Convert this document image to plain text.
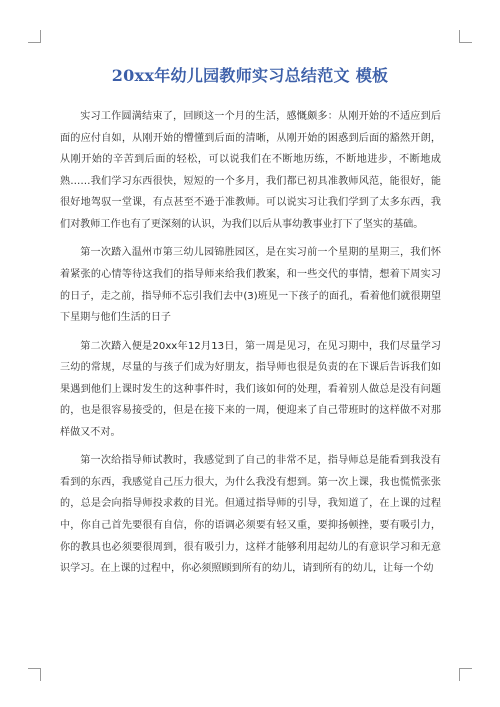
20xx年幼儿园教师实习总结范文 模板

实习工作圆满结束了，回顾这一个月的生活，感慨颇多：从刚开始的不适应到后面的应付自如，从刚开始的懵懂到后面的清晰，从刚开始的困惑到后面的豁然开朗，从刚开始的辛苦到后面的轻松，可以说我们在不断地历练，不断地进步，不断地成熟……我们学习东西很快，短短的一个多月，我们都已初具准教师风范，能很好，能很好地驾驭一堂课，有点甚至不逊于准教师。可以说实习让我们学到了太多东西，我们对教师工作也有了更深刻的认识，为我们以后从事幼教事业打下了坚实的基础。

第一次踏入温州市第三幼儿园锦胜园区，是在实习前一个星期的星期三，我们怀着紧张的心情等待这我们的指导师来给我们教案，和一些交代的事情，想着下周实习的日子，走之前，指导师不忘引我们去中(3)班见一下孩子的面孔，看着他们就很期望下星期与他们生活的日子

第二次踏入便是20xx年12月13日，第一周是见习，在见习期中，我们尽量学习三幼的常规，尽量的与孩子们成为好朋友，指导师也很是负责的在下课后告诉我们如果遇到他们上课时发生的这种事件时，我们该如何的处理，看着别人做总是没有问题的，也是很容易接受的，但是在接下来的一周，便迎来了自己带班时的这样做不对那样做又不对。

第一次给指导师试教时，我感觉到了自己的非常不足，指导师总是能看到我没有看到的东西，我感觉自己压力很大，为什么我没有想到。第一次上课，我也慌慌张张的，总是会向指导师投求救的目光。但通过指导师的引导，我知道了，在上课的过程中，你自己首先要很有自信，你的语调必须要有轻又重，要抑扬顿挫，要有吸引力，你的教具也必须要很周到，很有吸引力，这样才能够利用起幼儿的有意识学习和无意识学习。在上课的过程中，你必须照顾到所有的幼儿，请到所有的幼儿，让每一个幼
